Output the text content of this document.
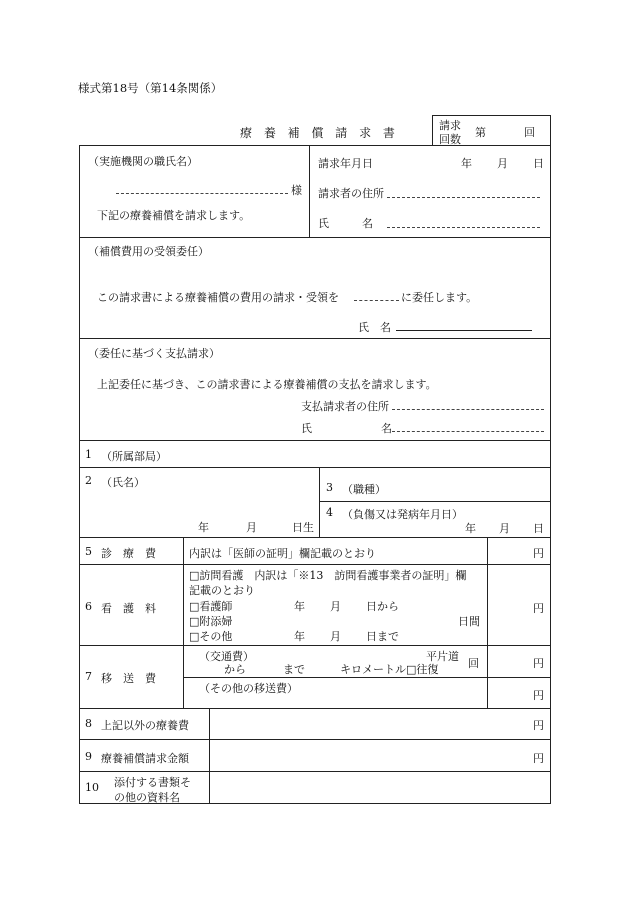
様式第18号（第14条関係）
療 養 補 償 請 求 書
請求
回数
第	回
（実施機関の職氏名）
様
下記の療養補償を請求します。
請求年月日	年 月 日
請求者の住所
氏　　　名
（補償費用の受領委任）
この請求書による療養補償の費用の請求・受領を	に委任します。
氏　名
（委任に基づく支払請求）
上記委任に基づき、この請求書による療養補償の支払を請求します。
支払請求者の住所
氏	名
1 （所属部局）
2 （氏名）
年	月	日生
3 （職種）
4 （負傷又は発病年月日）
年 月 日
5 診　療　費	内訳は「医師の証明」欄記載のとおり	円
6 看　護　料
□訪問看護　内訳は「※13　訪問看護事業者の証明」欄
記載のとおり
□看護師	年 月 日から
□附添婦	日間
□その他	年 月 日まで
円
7 移　送　費
（交通費）	平片道
から	まで	キロメートル□往復	回	円
（その他の移送費）
円
8 上記以外の療養費	円
9 療養補償請求金額	円
10 添付する書類そ
の他の資料名
